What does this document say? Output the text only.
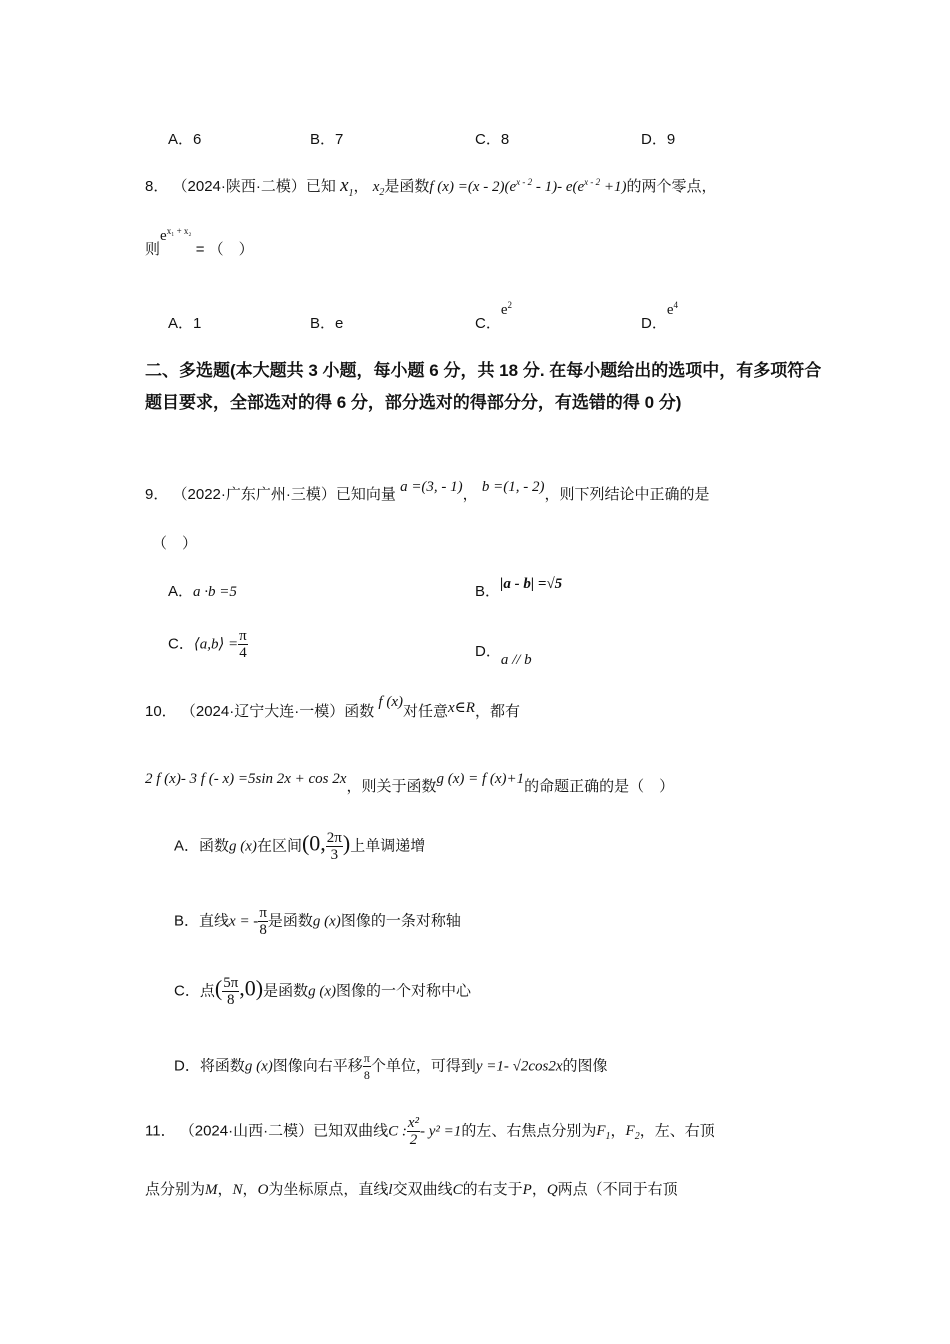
A．6	B．7	C．8	D．9
8． （2024·陕西·二模）已知 $x_1$， $x_2$是函数f $(x) =(x - 2)(e^{x - 2} - 1)-$ $e(e^{x - 2} +1)$的两个零点，
则$e^{x_1 + x_2}$ = （　）
A．1	B．e	C．$e^2$
D．$e^4$
二、多选题(本大题共 3 小题，每小题 6 分，共 18 分. 在每小题给出的选项中，有多项符合题目要求，全部选对的得 6 分，部分选对的得部分分，有选错的得 0 分)
9． （2022·广东广州·三模）已知向量 a =(3, - 1)， b =(1, - 2)，则下列结论中正确的是
（　）
A．a ·b =5	B．|a - b| =√5
C．⟨a,b⟩ = $\frac{\pi}{4}$	D．a // b
10． （2024·辽宁大连·一模）函数 f (x)对任意x∈R，都有
2 f (x)- 3 f (- x) =5sin 2x + cos 2x，则关于函数g (x) = f (x)+1的命题正确的是（　）
A．函数g (x)在区间(0, $\frac{2\pi}{3}$ )上单调递增
B．直线x = - $\frac{\pi}{8}$ 是函数g (x)图像的一条对称轴
C．点( $\frac{5\pi}{8} ,0$)是函数g (x)图像的一个对称中心
D．将函数g (x)图像向右平移 $\frac{\pi}{8}$ 个单位，可得到y =1- √2cos2x的图像
11． （2024·山西·二模）已知双曲线C : $\frac{\text{x²}}{2} - y^2 =1$的左、右焦点分别为$F_1$，$F_2$，左、右顶
点分别为M，N，O为坐标原点，直线l交双曲线C的右支于P，Q两点（不同于右顶
